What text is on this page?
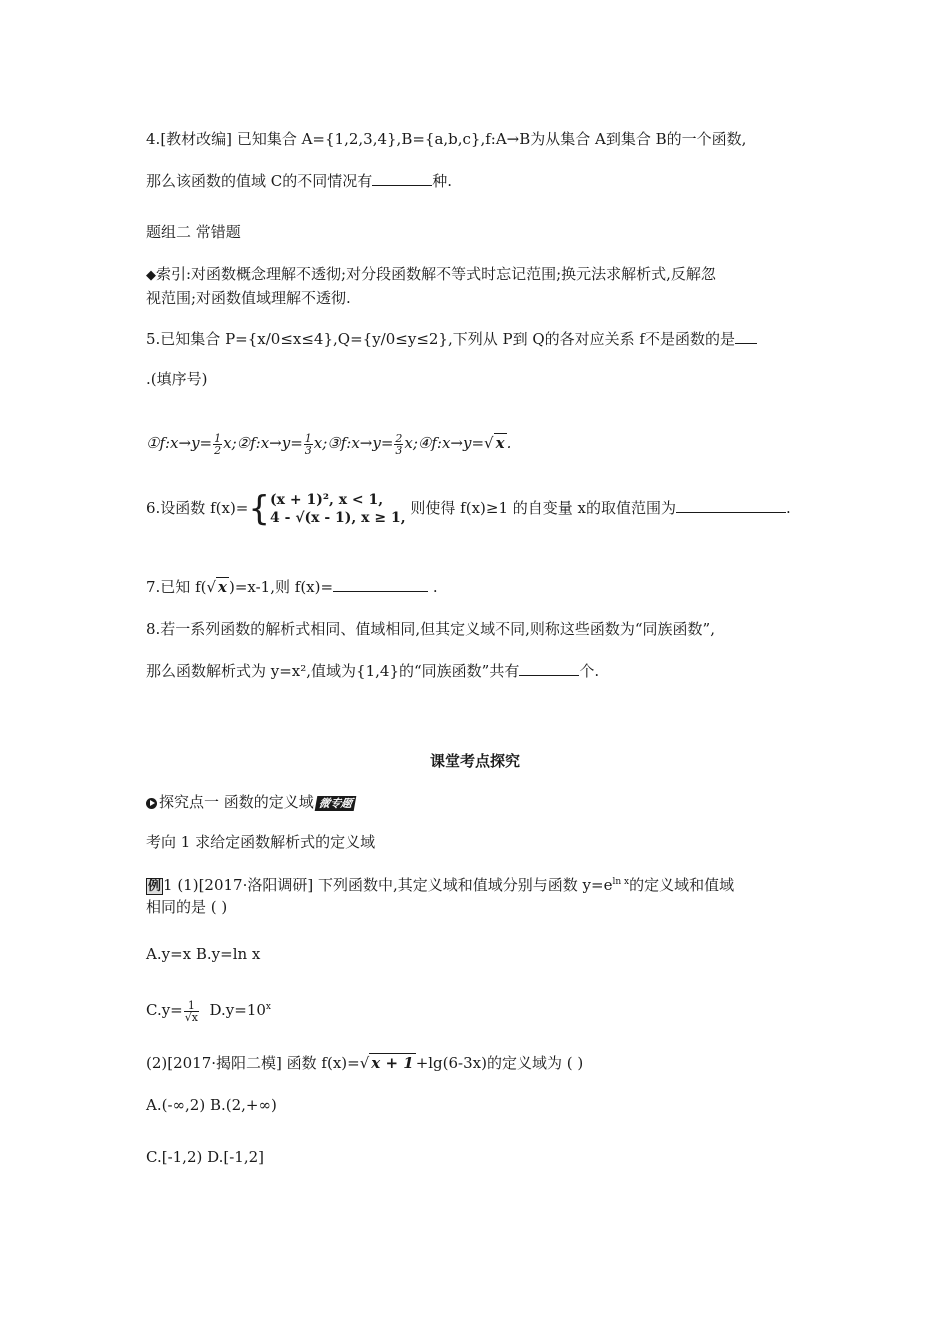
4.[教材改编] 已知集合 A={1,2,3,4},B={a,b,c},f:A→B为从集合 A到集合 B的一个函数,
那么该函数的值域 C的不同情况有	种.
题组二 常错题
◆索引:对函数概念理解不透彻;对分段函数解不等式时忘记范围;换元法求解析式,反解忽
视范围;对函数值域理解不透彻.
5.已知集合 P={x/0≤x≤4},Q={y/0≤y≤2},下列从 P到 Q的各对应关系 f不是函数的是
.(填序号)
①f:x→y= $\frac{1}{2}$ x;②f:x→y= $\frac{1}{3}$ x;③f:x→y= $\frac{2}{3}$ x;④f:x→y=√ x .
6.设函数 f(x)={ (x + 1)², x < 1,
4 - √(x - 1), x ≥ 1,
则使得 f(x)≥1 的自变量 x的取值范围为	.
7.已知 f(√ x )=x-1,则 f(x)=	.
8.若一系列函数的解析式相同、值域相同,但其定义域不同,则称这些函数为“同族函数”,
那么函数解析式为 y=x²,值域为{1,4}的“同族函数”共有	个.
课堂考点探究
探究点一 函数的定义域 微专题
考向 1 求给定函数解析式的定义域
例 1 (1)[2017·洛阳调研] 下列函数中,其定义域和值域分别与函数 $y=e^{ln x}$的定义域和值域
相同的是 ( )
A.y=x B.y=ln x
$C.y= \frac{1}{√x} D.y=10^x$
(2)[2017·揭阳二模] 函数 f(x)=√ x + 1 +lg(6-3x)的定义域为 ( )
A.(-∞,2) B.(2,+∞)
C.[-1,2) D.[-1,2]
